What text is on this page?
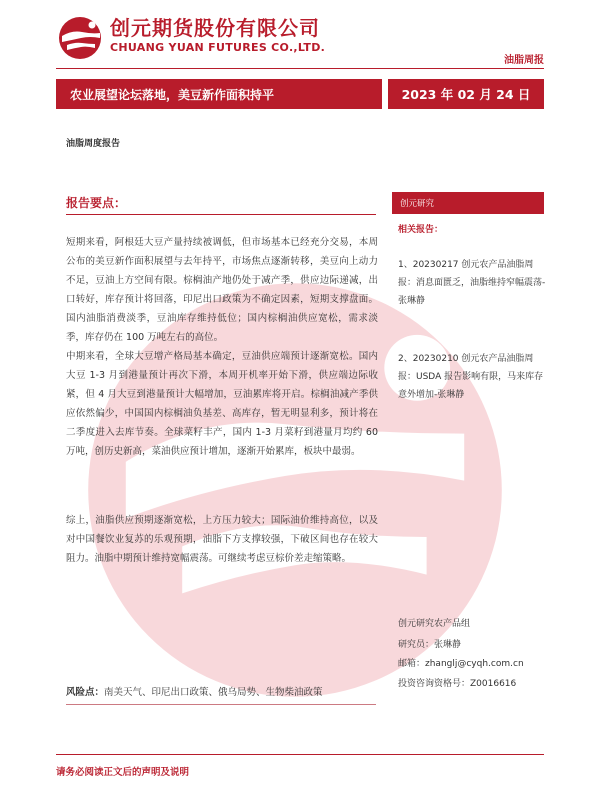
创元期货股份有限公司
CHUANG YUAN FUTURES CO.,LTD.
油脂周报
农业展望论坛落地，美豆新作面积持平	2023 年 02 月 24 日
油脂周度报告
报告要点：

短期来看，阿根廷大豆产量持续被调低，但市场基本已经充分交易，本周公布的美豆新作面积展望与去年持平，市场焦点逐渐转移，美豆向上动力不足，豆油上方空间有限。棕榈油产地仍处于减产季，供应边际递减，出口转好，库存预计将回落，印尼出口政策为不确定因素，短期支撑盘面。国内油脂消费淡季，豆油库存维持低位；国内棕榈油供应宽松，需求淡季，库存仍在 100 万吨左右的高位。

中期来看，全球大豆增产格局基本确定，豆油供应端预计逐渐宽松。国内大豆 1-3 月到港量预计再次下滑，本周开机率开始下滑，供应端边际收紧，但 4 月大豆到港量预计大幅增加，豆油累库将开启。棕榈油减产季供应依然偏少，中国国内棕榈油负基差、高库存，暂无明显利多，预计将在二季度进入去库节奏。全球菜籽丰产，国内 1-3 月菜籽到港量月均约 60 万吨，创历史新高，菜油供应预计增加，逐渐开始累库，板块中最弱。

综上，油脂供应预期逐渐宽松，上方压力较大；国际油价维持高位，以及对中国餐饮业复苏的乐观预期，油脂下方支撑较强，下破区间也存在较大阻力。油脂中期预计维持宽幅震荡。可继续考虑豆棕价差走缩策略。

风险点：南美天气、印尼出口政策、俄乌局势、生物柴油政策
创元研究
相关报告：
1、20230217 创元农产品油脂周报：消息面匮乏，油脂维持窄幅震荡-张琳静
2、20230210 创元农产品油脂周报：USDA 报告影响有限，马来库存意外增加-张琳静
创元研究农产品组
研究员：张琳静
邮箱：zhanglj@cyqh.com.cn
投资咨询资格号：Z0016616
请务必阅读正文后的声明及说明
